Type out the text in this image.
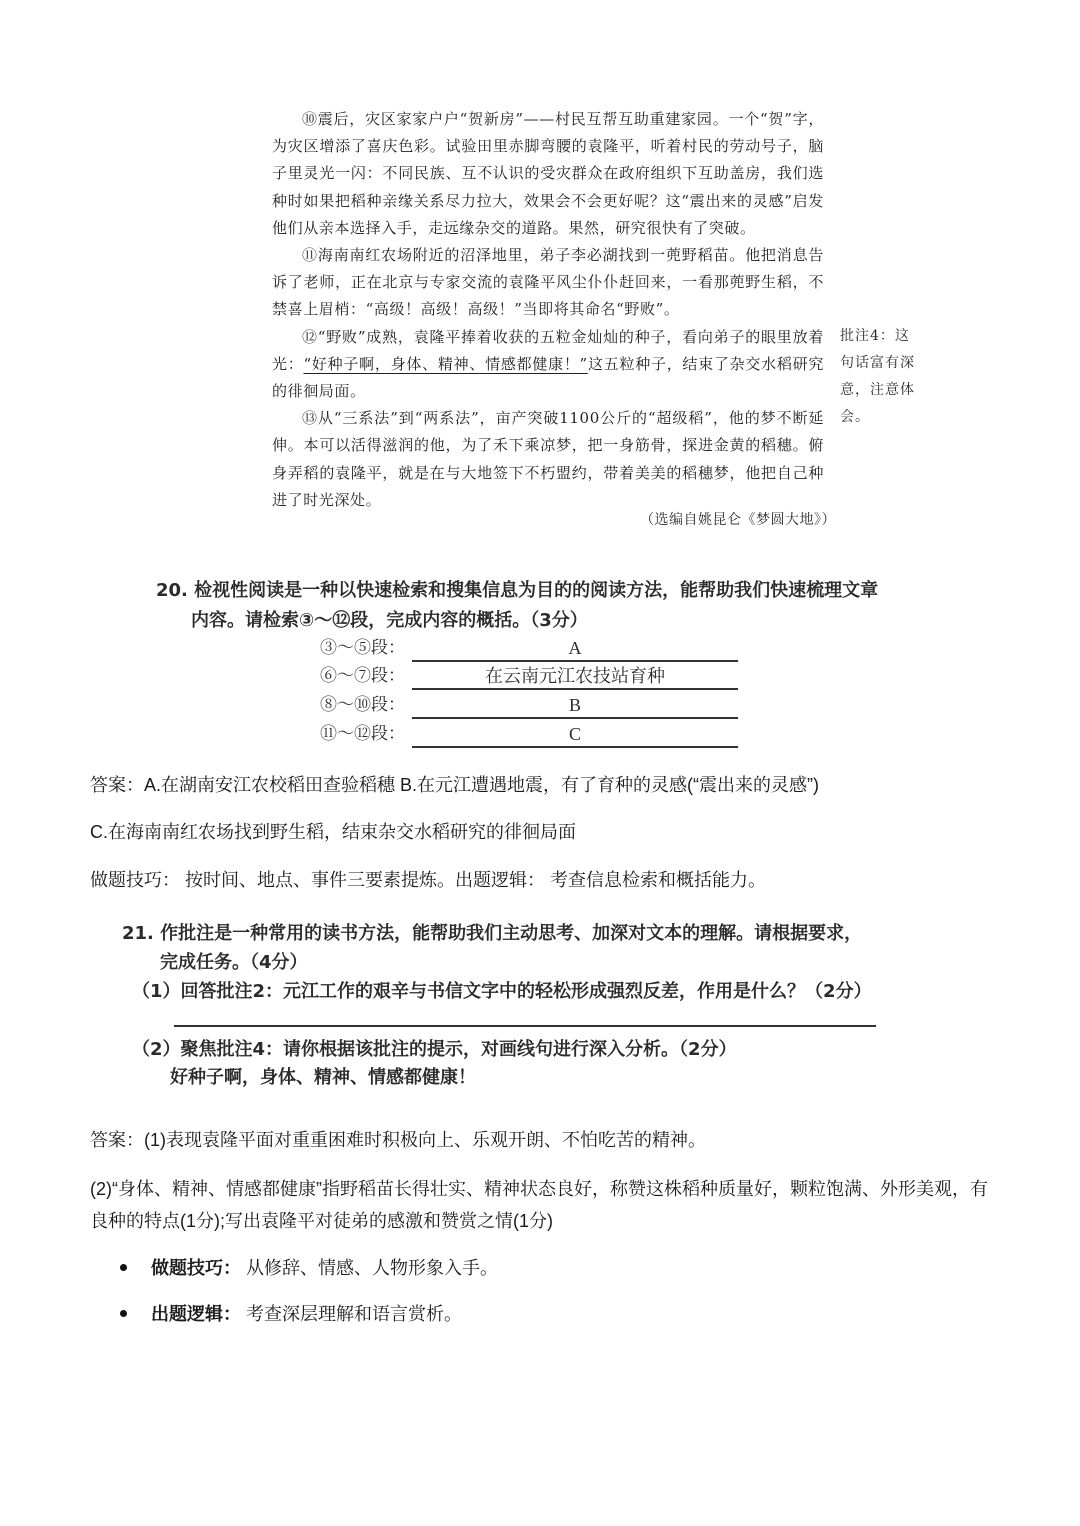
⑩震后，灾区家家户户“贺新房”——村民互帮互助重建家园。一个“贺”字，为灾区增添了喜庆色彩。试验田里赤脚弯腰的袁隆平，听着村民的劳动号子，脑子里灵光一闪：不同民族、互不认识的受灾群众在政府组织下互助盖房，我们选种时如果把稻种亲缘关系尽力拉大，效果会不会更好呢？这“震出来的灵感”启发他们从亲本选择入手，走远缘杂交的道路。果然，研究很快有了突破。

⑪海南南红农场附近的沼泽地里，弟子李必湖找到一蔸野稻苗。他把消息告诉了老师，正在北京与专家交流的袁隆平风尘仆仆赶回来，一看那蔸野生稻，不禁喜上眉梢：“高级！高级！高级！”当即将其命名“野败”。

⑫“野败”成熟，袁隆平捧着收获的五粒金灿灿的种子，看向弟子的眼里放着光：“好种子啊，身体、精神、情感都健康！”这五粒种子，结束了杂交水稻研究的徘徊局面。

⑬从“三系法”到“两系法”，亩产突破1100公斤的“超级稻”，他的梦不断延伸。本可以活得滋润的他，为了禾下乘凉梦，把一身筋骨，探进金黄的稻穗。俯身弄稻的袁隆平，就是在与大地签下不朽盟约，带着美美的稻穗梦，他把自己种进了时光深处。

批注4：这句话富有深意，注意体会。
（选编自姚昆仑《梦圆大地》）
20. 检视性阅读是一种以快速检索和搜集信息为目的的阅读方法，能帮助我们快速梳理文章
内容。请检索③～⑫段，完成内容的概括。（3分）
③～⑤段：	A
⑥～⑦段：	在云南元江农技站育种
⑧～⑩段：	B
⑪～⑫段：	C
答案：A.在湖南安江农校稻田查验稻穗 B.在元江遭遇地震，有了育种的灵感(“震出来的灵感”)
C.在海南南红农场找到野生稻，结束杂交水稻研究的徘徊局面
做题技巧： 按时间、地点、事件三要素提炼。出题逻辑： 考查信息检索和概括能力。
21. 作批注是一种常用的读书方法，能帮助我们主动思考、加深对文本的理解。请根据要求，
完成任务。（4分）
（1）回答批注2：元江工作的艰辛与书信文字中的轻松形成强烈反差，作用是什么？（2分）
（2）聚焦批注4：请你根据该批注的提示，对画线句进行深入分析。（2分）
好种子啊，身体、精神、情感都健康！
答案：(1)表现袁隆平面对重重困难时积极向上、乐观开朗、不怕吃苦的精神。
(2)“身体、精神、情感都健康”指野稻苗长得壮实、精神状态良好，称赞这株稻种质量好，颗粒饱满、外形美观，有良种的特点(1分);写出袁隆平对徒弟的感激和赞赏之情(1分)
做题技巧： 从修辞、情感、人物形象入手。
出题逻辑： 考查深层理解和语言赏析。
